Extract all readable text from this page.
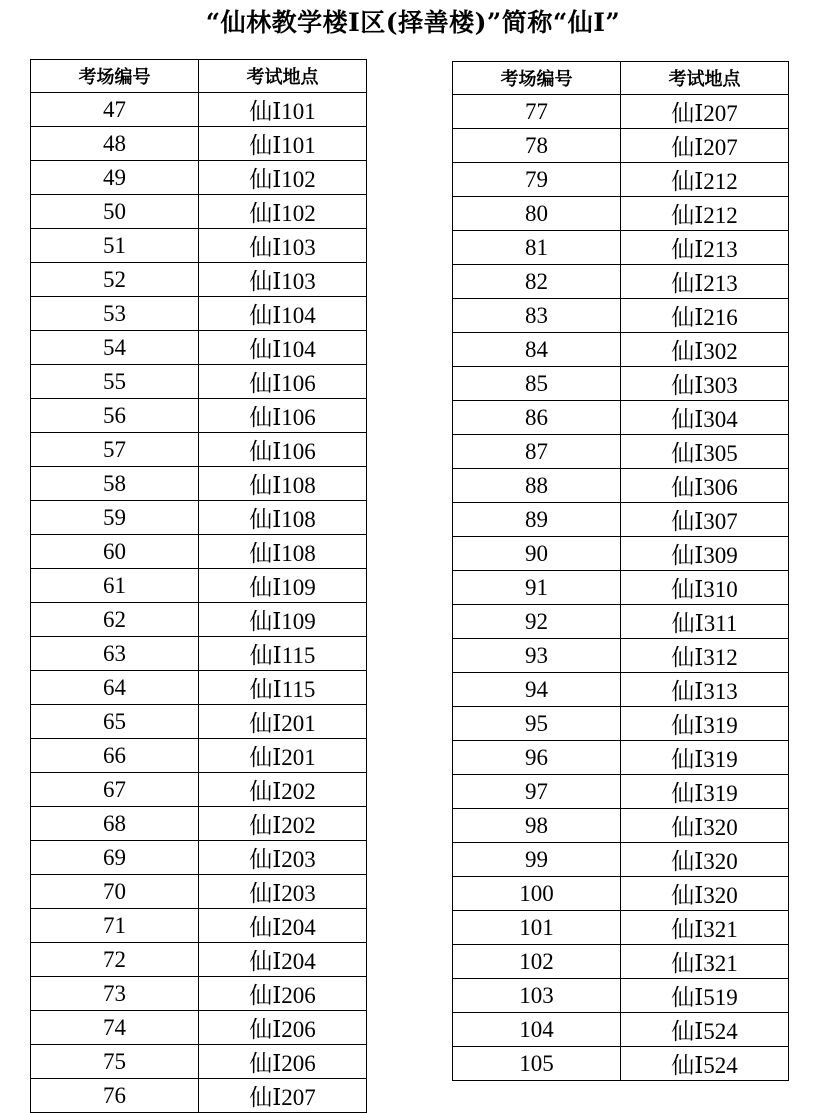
“仙林教学楼Ⅰ区(择善楼)”简称“仙Ⅰ”
考场编号	考试地点
47	仙Ⅰ101
48	仙Ⅰ101
49	仙Ⅰ102
50	仙Ⅰ102
51	仙Ⅰ103
52	仙Ⅰ103
53	仙Ⅰ104
54	仙Ⅰ104
55	仙Ⅰ106
56	仙Ⅰ106
57	仙Ⅰ106
58	仙Ⅰ108
59	仙Ⅰ108
60	仙Ⅰ108
61	仙Ⅰ109
62	仙Ⅰ109
63	仙Ⅰ115
64	仙Ⅰ115
65	仙Ⅰ201
66	仙Ⅰ201
67	仙Ⅰ202
68	仙Ⅰ202
69	仙Ⅰ203
70	仙Ⅰ203
71	仙Ⅰ204
72	仙Ⅰ204
73	仙Ⅰ206
74	仙Ⅰ206
75	仙Ⅰ206
76	仙Ⅰ207
考场编号	考试地点
77	仙Ⅰ207
78	仙Ⅰ207
79	仙Ⅰ212
80	仙Ⅰ212
81	仙Ⅰ213
82	仙Ⅰ213
83	仙Ⅰ216
84	仙Ⅰ302
85	仙Ⅰ303
86	仙Ⅰ304
87	仙Ⅰ305
88	仙Ⅰ306
89	仙Ⅰ307
90	仙Ⅰ309
91	仙Ⅰ310
92	仙Ⅰ311
93	仙Ⅰ312
94	仙Ⅰ313
95	仙Ⅰ319
96	仙Ⅰ319
97	仙Ⅰ319
98	仙Ⅰ320
99	仙Ⅰ320
100	仙Ⅰ320
101	仙Ⅰ321
102	仙Ⅰ321
103	仙Ⅰ519
104	仙Ⅰ524
105	仙Ⅰ524
